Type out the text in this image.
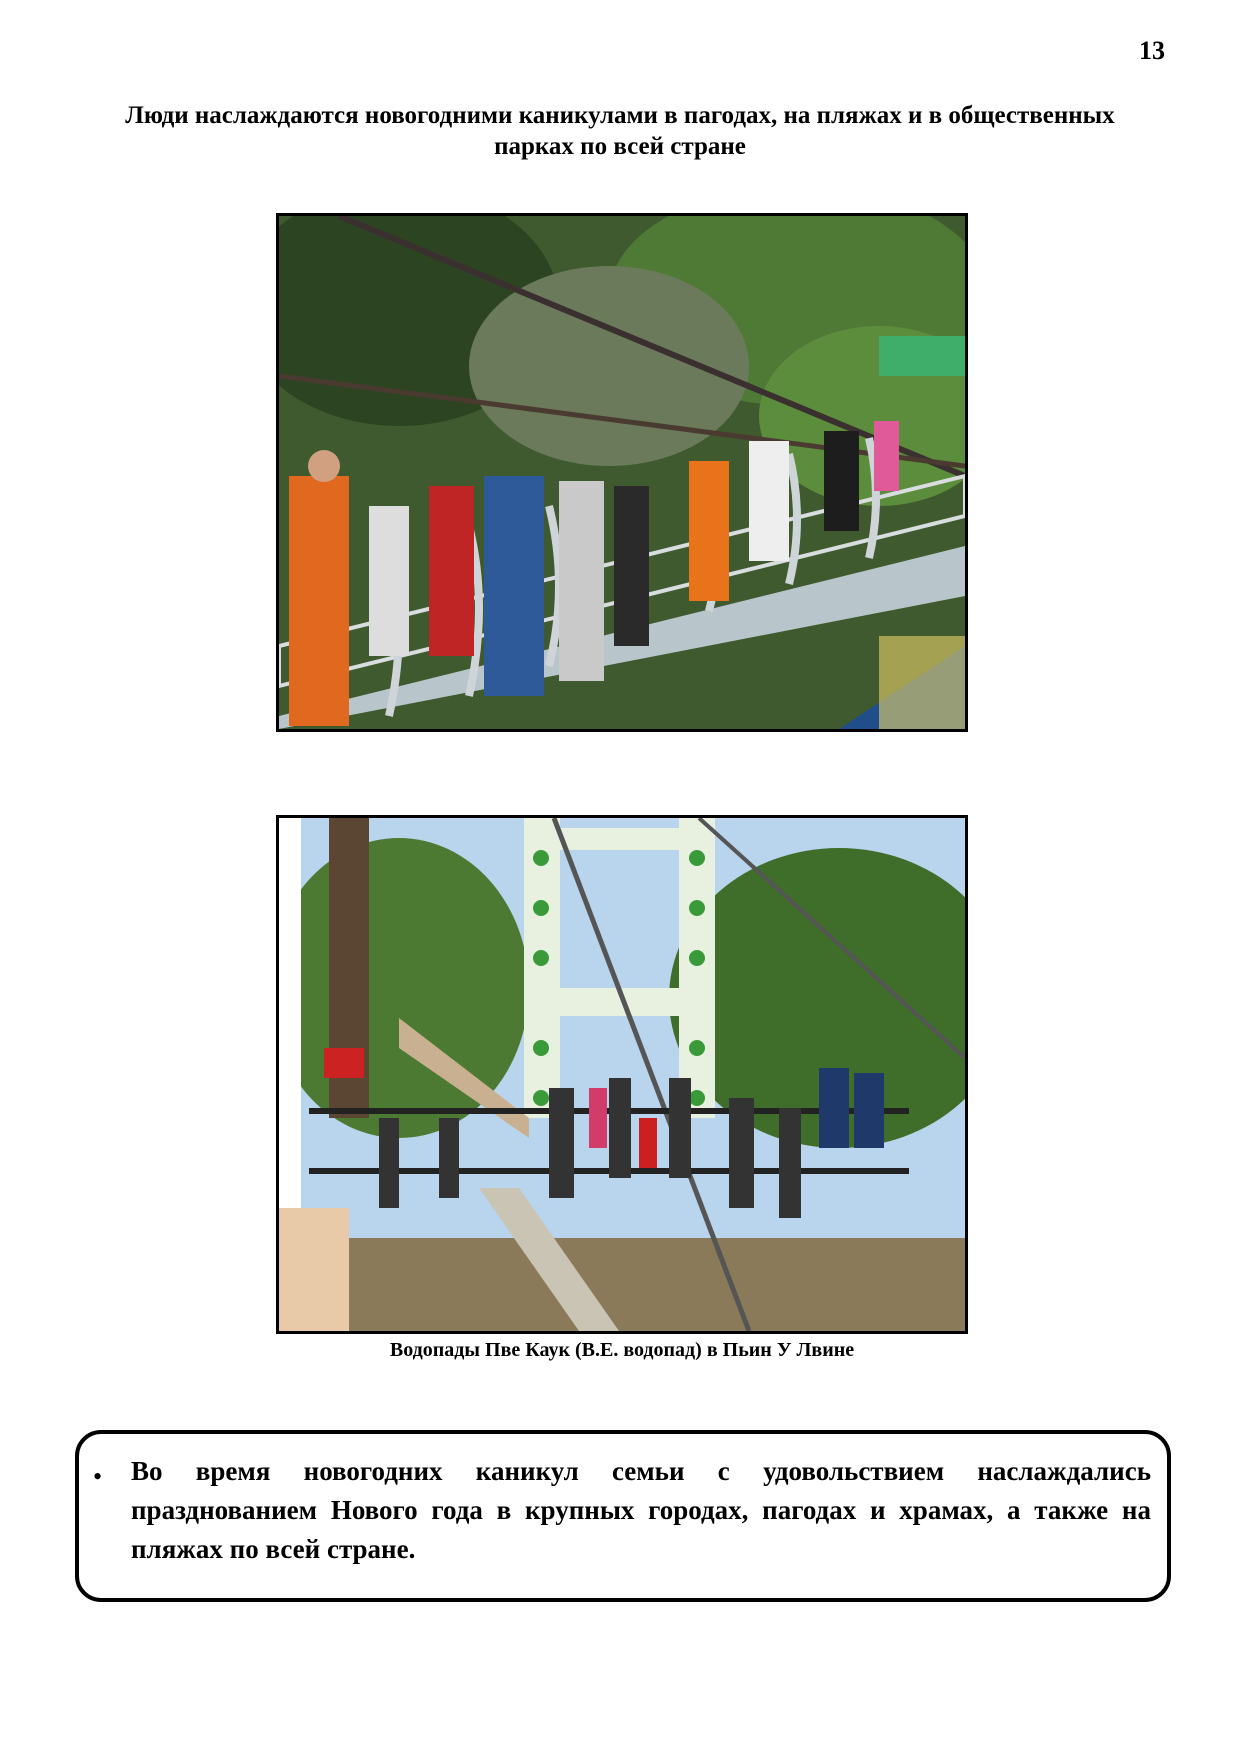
13
Люди наслаждаются новогодними каникулами в пагодах, на пляжах и в общественных парках по всей стране
Водопады Пве Каук (В.Е. водопад) в Пьин У Лвине
• Во время новогодних каникул семьи с удовольствием наслаждались празднованием Нового года в крупных городах, пагодах и храмах, а также на пляжах по всей стране.
